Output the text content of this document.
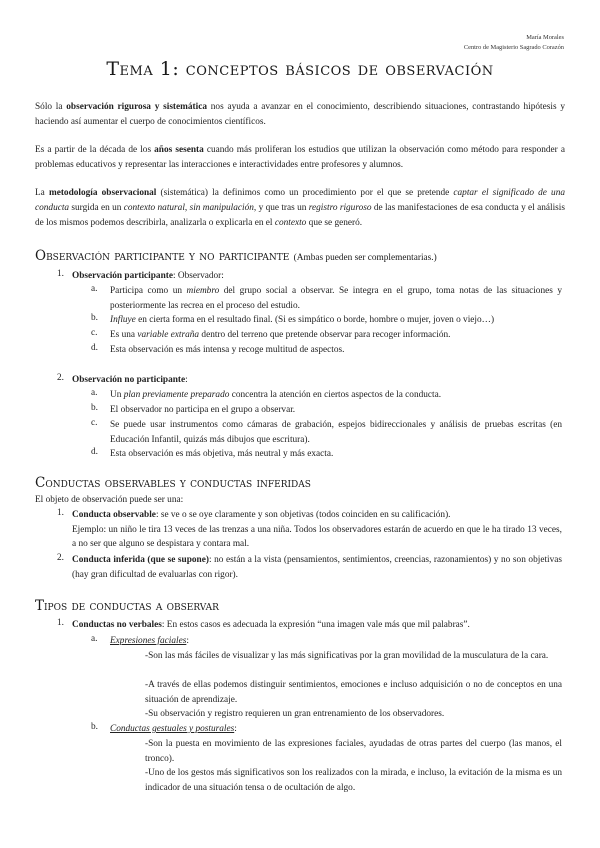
María Morales
Centro de Magisterio Sagrado Corazón
Tema 1: conceptos básicos de observación
Sólo la observación rigurosa y sistemática nos ayuda a avanzar en el conocimiento, describiendo situaciones, contrastando hipótesis y haciendo así aumentar el cuerpo de conocimientos científicos.
Es a partir de la década de los años sesenta cuando más proliferan los estudios que utilizan la observación como método para responder a problemas educativos y representar las interacciones e interactividades entre profesores y alumnos.
La metodología observacional (sistemática) la definimos como un procedimiento por el que se pretende captar el significado de una conducta surgida en un contexto natural, sin manipulación, y que tras un registro riguroso de las manifestaciones de esa conducta y el análisis de los mismos podemos describirla, analizarla o explicarla en el contexto que se generó.
Observación participante y no participante (Ambas pueden ser complementarias.)
1. Observación participante: Observador:
a. Participa como un miembro del grupo social a observar. Se integra en el grupo, toma notas de las situaciones y posteriormente las recrea en el proceso del estudio.
b. Influye en cierta forma en el resultado final. (Si es simpático o borde, hombre o mujer, joven o viejo…)
c. Es una variable extraña dentro del terreno que pretende observar para recoger información.
d. Esta observación es más intensa y recoge multitud de aspectos.
2. Observación no participante:
a. Un plan previamente preparado concentra la atención en ciertos aspectos de la conducta.
b. El observador no participa en el grupo a observar.
c. Se puede usar instrumentos como cámaras de grabación, espejos bidireccionales y análisis de pruebas escritas (en Educación Infantil, quizás más dibujos que escritura).
d. Esta observación es más objetiva, más neutral y más exacta.
Conductas observables y conductas inferidas
El objeto de observación puede ser una:
1. Conducta observable: se ve o se oye claramente y son objetivas (todos coinciden en su calificación).
Ejemplo: un niño le tira 13 veces de las trenzas a una niña. Todos los observadores estarán de acuerdo en que le ha tirado 13 veces, a no ser que alguno se despistara y contara mal.
2. Conducta inferida (que se supone): no están a la vista (pensamientos, sentimientos, creencias, razonamientos) y no son objetivas (hay gran dificultad de evaluarlas con rigor).
Tipos de conductas a observar
1. Conductas no verbales: En estos casos es adecuada la expresión “una imagen vale más que mil palabras”.
a. Expresiones faciales:
-Son las más fáciles de visualizar y las más significativas por la gran movilidad de la musculatura de la cara.
-A través de ellas podemos distinguir sentimientos, emociones e incluso adquisición o no de conceptos en una situación de aprendizaje.
-Su observación y registro requieren un gran entrenamiento de los observadores.
b. Conductas gestuales y posturales:
-Son la puesta en movimiento de las expresiones faciales, ayudadas de otras partes del cuerpo (las manos, el tronco).
-Uno de los gestos más significativos son los realizados con la mirada, e incluso, la evitación de la misma es un indicador de una situación tensa o de ocultación de algo.
